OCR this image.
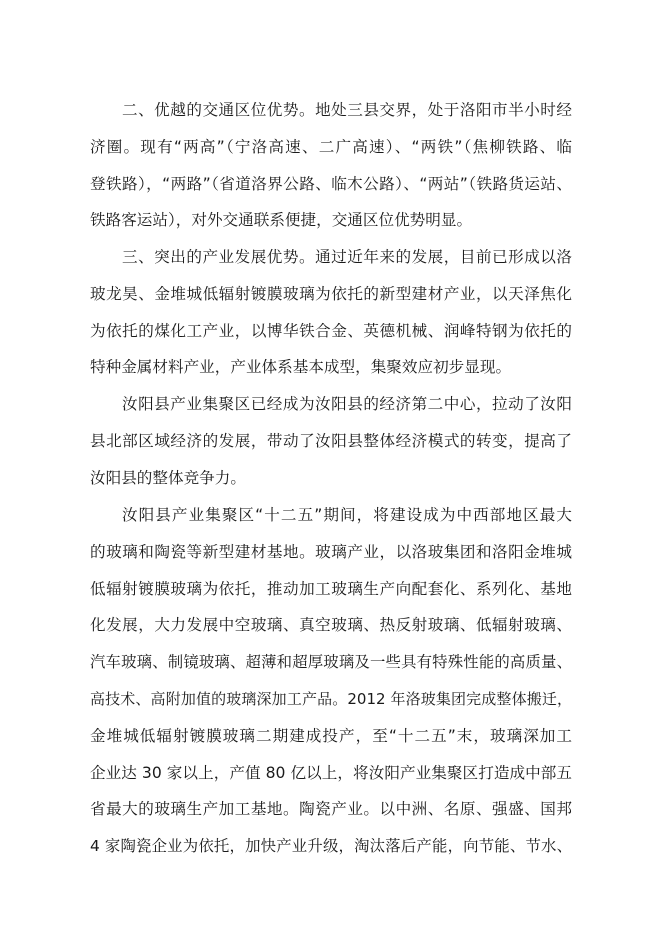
二、优越的交通区位优势。地处三县交界，处于洛阳市半小时经
济圈。现有“两高”（宁洛高速、二广高速）、“两铁”（焦柳铁路、临
登铁路），“两路”（省道洛界公路、临木公路）、“两站”（铁路货运站、
铁路客运站），对外交通联系便捷，交通区位优势明显。
三、突出的产业发展优势。通过近年来的发展，目前已形成以洛
玻龙昊、金堆城低辐射镀膜玻璃为依托的新型建材产业，以天泽焦化
为依托的煤化工产业，以博华铁合金、英德机械、润峰特钢为依托的
特种金属材料产业，产业体系基本成型，集聚效应初步显现。
汝阳县产业集聚区已经成为汝阳县的经济第二中心，拉动了汝阳
县北部区域经济的发展，带动了汝阳县整体经济模式的转变，提高了
汝阳县的整体竞争力。
汝阳县产业集聚区“十二五”期间，将建设成为中西部地区最大
的玻璃和陶瓷等新型建材基地。玻璃产业，以洛玻集团和洛阳金堆城
低辐射镀膜玻璃为依托，推动加工玻璃生产向配套化、系列化、基地
化发展，大力发展中空玻璃、真空玻璃、热反射玻璃、低辐射玻璃、
汽车玻璃、制镜玻璃、超薄和超厚玻璃及一些具有特殊性能的高质量、
高技术、高附加值的玻璃深加工产品。2012 年洛玻集团完成整体搬迁，
金堆城低辐射镀膜玻璃二期建成投产，至“十二五”末，玻璃深加工
企业达 30 家以上，产值 80 亿以上，将汝阳产业集聚区打造成中部五
省最大的玻璃生产加工基地。陶瓷产业。以中洲、名原、强盛、国邦
4 家陶瓷企业为依托，加快产业升级，淘汰落后产能，向节能、节水、
